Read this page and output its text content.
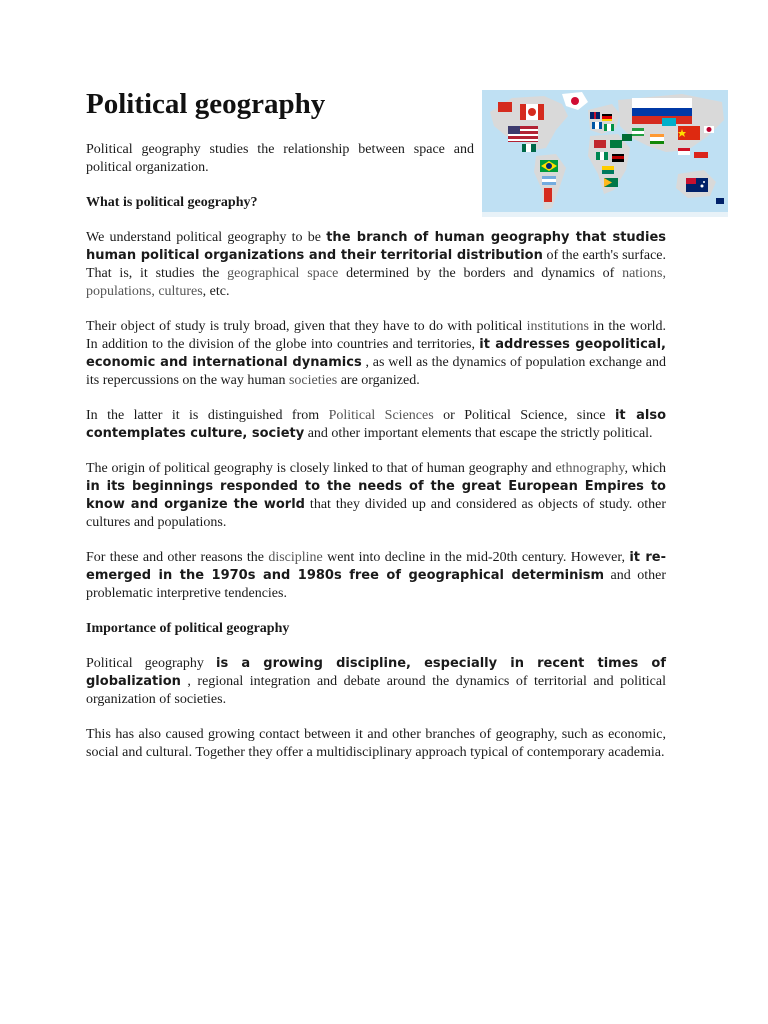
Political geography

Political geography studies the relationship between space and political organization.

What is political geography?

We understand political geography to be the branch of human geography that studies human political organizations and their territorial distribution of the earth's surface. That is, it studies the geographical space determined by the borders and dynamics of nations, populations, cultures, etc.

Their object of study is truly broad, given that they have to do with political institutions in the world. In addition to the division of the globe into countries and territories, it addresses geopolitical, economic and international dynamics , as well as the dynamics of population exchange and its repercussions on the way human societies are organized.

In the latter it is distinguished from Political Sciences or Political Science, since it also contemplates culture, society and other important elements that escape the strictly political.

The origin of political geography is closely linked to that of human geography and ethnography, which in its beginnings responded to the needs of the great European Empires to know and organize the world that they divided up and considered as objects of study. other cultures and populations.

For these and other reasons the discipline went into decline in the mid-20th century. However, it re-emerged in the 1970s and 1980s free of geographical determinism and other problematic interpretive tendencies.

Importance of political geography

Political geography is a growing discipline, especially in recent times of globalization , regional integration and debate around the dynamics of territorial and political organization of societies.

This has also caused growing contact between it and other branches of geography, such as economic, social and cultural. Together they offer a multidisciplinary approach typical of contemporary academia.
